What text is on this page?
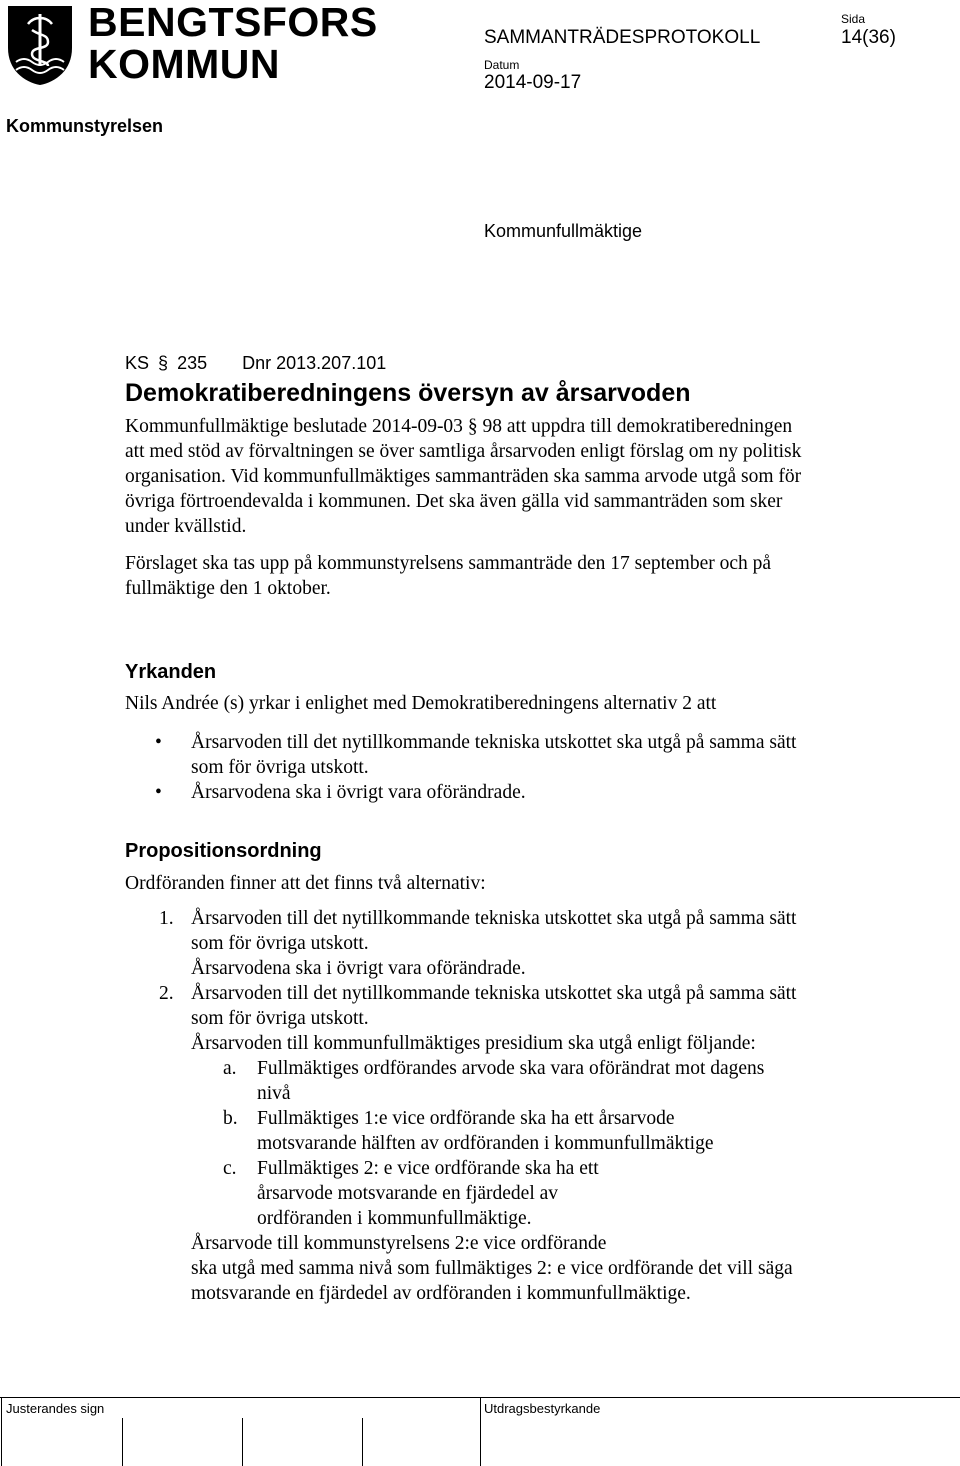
BENGTSFORS
KOMMUN
SAMMANTRÄDESPROTOKOLL
Sida
14(36)
Datum
2014-09-17
Kommunstyrelsen
Kommunfullmäktige
KS § 235 Dnr 2013.207.101
Demokratiberedningens översyn av årsarvoden

Kommunfullmäktige beslutade 2014-09-03 § 98 att uppdra till demokratiberedningen att med stöd av förvaltningen se över samtliga årsarvoden enligt förslag om ny politisk organisation. Vid kommunfullmäktiges sammanträden ska samma arvode utgå som för övriga förtroendevalda i kommunen. Det ska även gälla vid sammanträden som sker under kvällstid.

Förslaget ska tas upp på kommunstyrelsens sammanträde den 17 september och på fullmäktige den 1 oktober.

Yrkanden

Nils Andrée (s) yrkar i enlighet med Demokratiberedningens alternativ 2 att

• Årsarvoden till det nytillkommande tekniska utskottet ska utgå på samma sätt som för övriga utskott.

• Årsarvodena ska i övrigt vara oförändrade.

Propositionsordning

Ordföranden finner att det finns två alternativ:

1. Årsarvoden till det nytillkommande tekniska utskottet ska utgå på samma sätt som för övriga utskott.

Årsarvodena ska i övrigt vara oförändrade.

2. Årsarvoden till det nytillkommande tekniska utskottet ska utgå på samma sätt som för övriga utskott.

Årsarvoden till kommunfullmäktiges presidium ska utgå enligt följande:

a. Fullmäktiges ordförandes arvode ska vara oförändrat mot dagens nivå

b. Fullmäktiges 1:e vice ordförande ska ha ett årsarvode motsvarande hälften av ordföranden i kommunfullmäktige

c. Fullmäktiges 2: e vice ordförande ska ha ett årsarvode motsvarande en fjärdedel av ordföranden i kommunfullmäktige.

Årsarvode till kommunstyrelsens 2:e vice ordförande

ska utgå med samma nivå som fullmäktiges 2: e vice ordförande det vill säga motsvarande en fjärdedel av ordföranden i kommunfullmäktige.

Justerandes sign	Utdragsbestyrkande
